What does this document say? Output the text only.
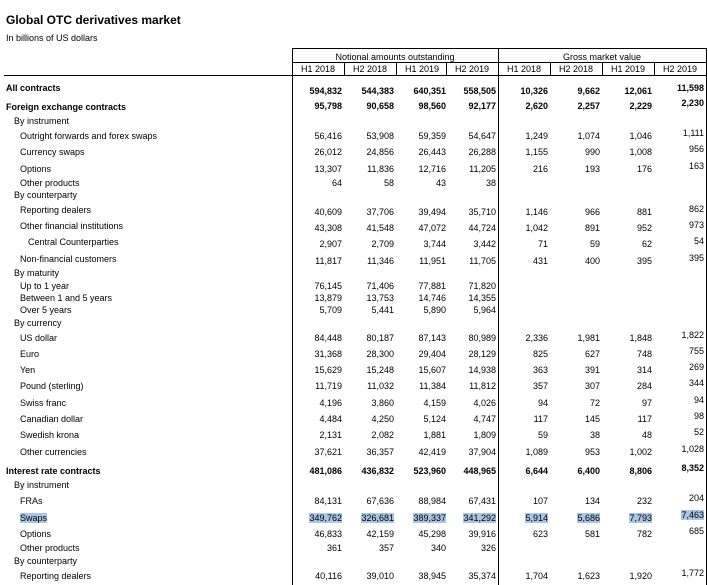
Global OTC derivatives market
In billions of US dollars
Notional amounts outstanding	Gross market value
H1 2018	H2 2018	H1 2019	H2 2019	H1 2018	H2 2018	H1 2019	H2 2019
All contracts	594,832	544,383	640,351	558,505	10,326	9,662	12,061	11,598
Foreign exchange contracts	95,798	90,658	98,560	92,177	2,620	2,257	2,229	2,230
By instrument
Outright forwards and forex swaps	56,416	53,908	59,359	54,647	1,249	1,074	1,046	1,111
Currency swaps	26,012	24,856	26,443	26,288	1,155	990	1,008	956
Options	13,307	11,836	12,716	11,205	216	193	176	163
Other products	64	58	43	38
By counterparty
Reporting dealers	40,609	37,706	39,494	35,710	1,146	966	881	862
Other financial institutions	43,308	41,548	47,072	44,724	1,042	891	952	973
Central Counterparties	2,907	2,709	3,744	3,442	71	59	62	54
Non-financial customers	11,817	11,346	11,951	11,705	431	400	395	395
By maturity
Up to 1 year	76,145	71,406	77,881	71,820
Between 1 and 5 years	13,879	13,753	14,746	14,355
Over 5 years	5,709	5,441	5,890	5,964
By currency
US dollar	84,448	80,187	87,143	80,989	2,336	1,981	1,848	1,822
Euro	31,368	28,300	29,404	28,129	825	627	748	755
Yen	15,629	15,248	15,607	14,938	363	391	314	269
Pound (sterling)	11,719	11,032	11,384	11,812	357	307	284	344
Swiss franc	4,196	3,860	4,159	4,026	94	72	97	94
Canadian dollar	4,484	4,250	5,124	4,747	117	145	117	98
Swedish krona	2,131	2,082	1,881	1,809	59	38	48	52
Other currencies	37,621	36,357	42,419	37,904	1,089	953	1,002	1,028
Interest rate contracts	481,086	436,832	523,960	448,965	6,644	6,400	8,806	8,352
By instrument
FRAs	84,131	67,636	88,984	67,431	107	134	232	204
Swaps	349,762	326,681	389,337	341,292	5,914	5,686	7,793	7,463
Options	46,833	42,159	45,298	39,916	623	581	782	685
Other products	361	357	340	326
By counterparty
Reporting dealers	40,116	39,010	38,945	35,374	1,704	1,623	1,920	1,772
